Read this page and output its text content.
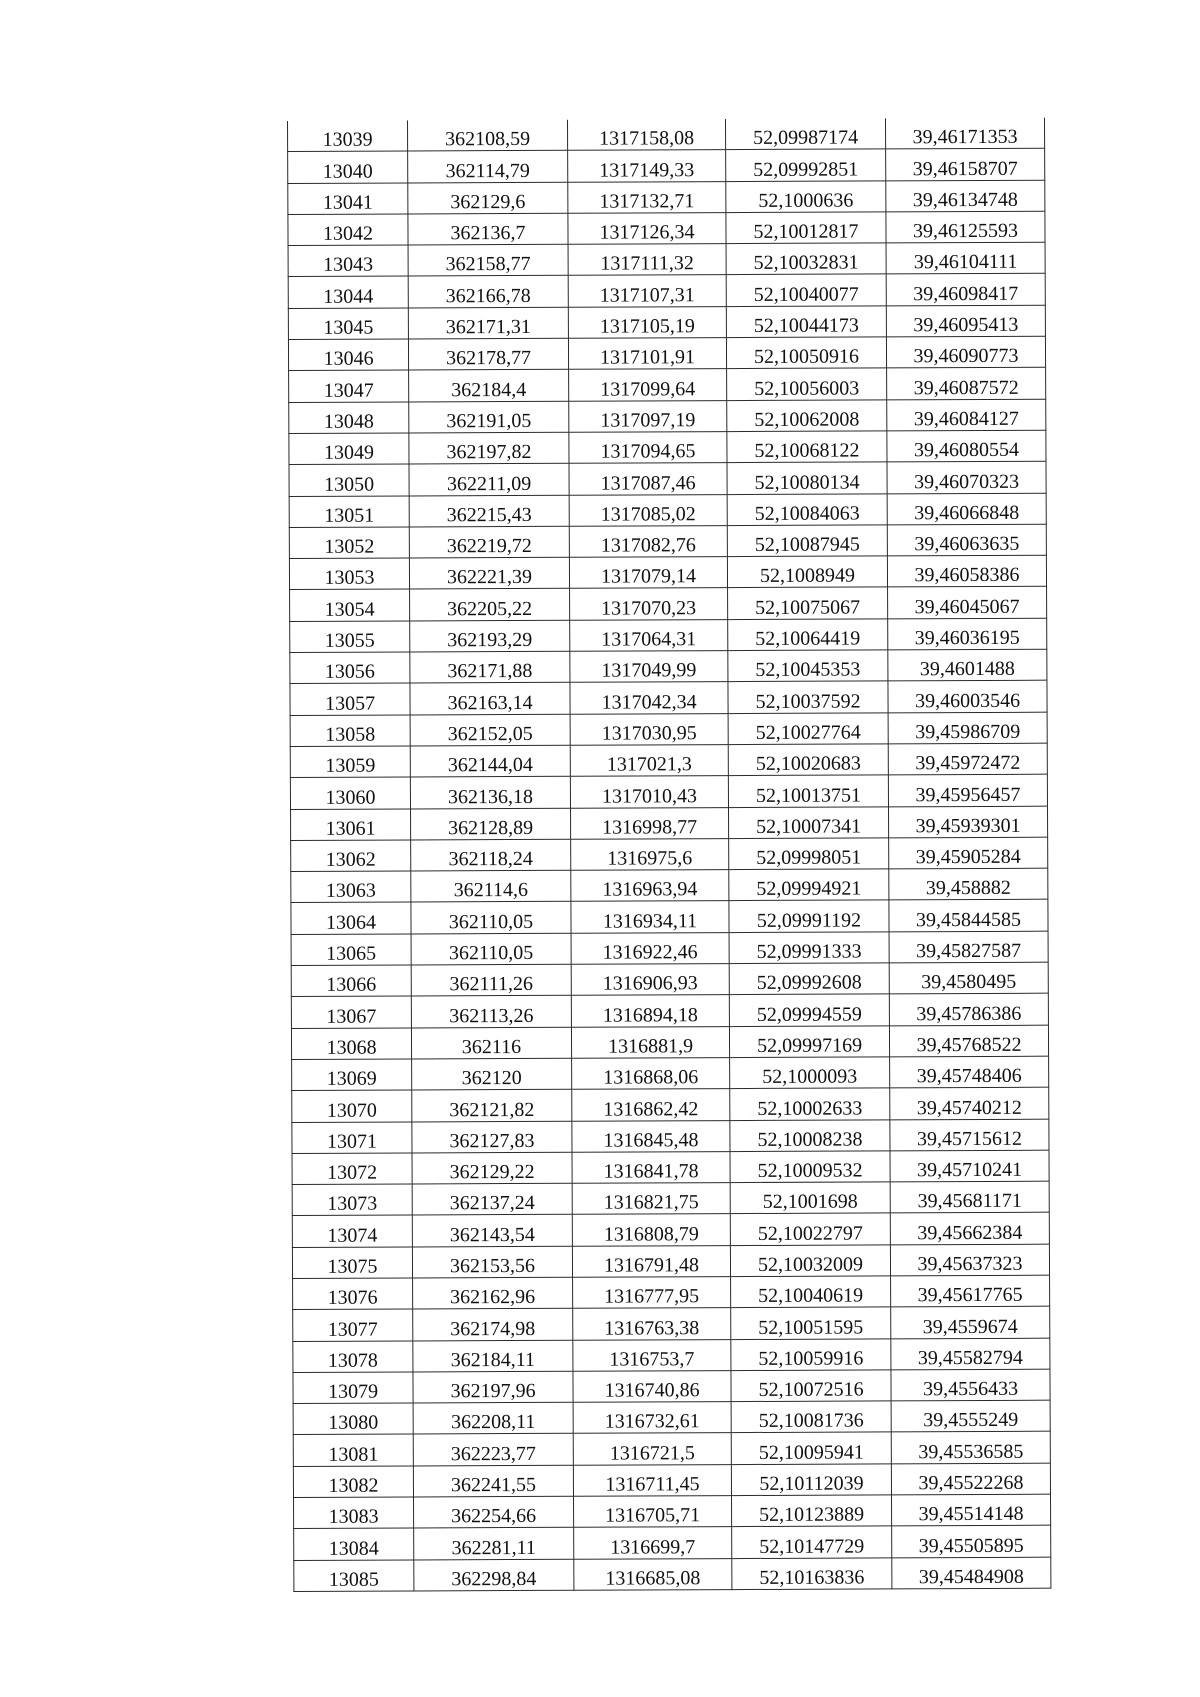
13039	362108,59	1317158,08	52,09987174	39,46171353
13040	362114,79	1317149,33	52,09992851	39,46158707
13041	362129,6	1317132,71	52,1000636	39,46134748
13042	362136,7	1317126,34	52,10012817	39,46125593
13043	362158,77	1317111,32	52,10032831	39,46104111
13044	362166,78	1317107,31	52,10040077	39,46098417
13045	362171,31	1317105,19	52,10044173	39,46095413
13046	362178,77	1317101,91	52,10050916	39,46090773
13047	362184,4	1317099,64	52,10056003	39,46087572
13048	362191,05	1317097,19	52,10062008	39,46084127
13049	362197,82	1317094,65	52,10068122	39,46080554
13050	362211,09	1317087,46	52,10080134	39,46070323
13051	362215,43	1317085,02	52,10084063	39,46066848
13052	362219,72	1317082,76	52,10087945	39,46063635
13053	362221,39	1317079,14	52,1008949	39,46058386
13054	362205,22	1317070,23	52,10075067	39,46045067
13055	362193,29	1317064,31	52,10064419	39,46036195
13056	362171,88	1317049,99	52,10045353	39,4601488
13057	362163,14	1317042,34	52,10037592	39,46003546
13058	362152,05	1317030,95	52,10027764	39,45986709
13059	362144,04	1317021,3	52,10020683	39,45972472
13060	362136,18	1317010,43	52,10013751	39,45956457
13061	362128,89	1316998,77	52,10007341	39,45939301
13062	362118,24	1316975,6	52,09998051	39,45905284
13063	362114,6	1316963,94	52,09994921	39,458882
13064	362110,05	1316934,11	52,09991192	39,45844585
13065	362110,05	1316922,46	52,09991333	39,45827587
13066	362111,26	1316906,93	52,09992608	39,4580495
13067	362113,26	1316894,18	52,09994559	39,45786386
13068	362116	1316881,9	52,09997169	39,45768522
13069	362120	1316868,06	52,1000093	39,45748406
13070	362121,82	1316862,42	52,10002633	39,45740212
13071	362127,83	1316845,48	52,10008238	39,45715612
13072	362129,22	1316841,78	52,10009532	39,45710241
13073	362137,24	1316821,75	52,1001698	39,45681171
13074	362143,54	1316808,79	52,10022797	39,45662384
13075	362153,56	1316791,48	52,10032009	39,45637323
13076	362162,96	1316777,95	52,10040619	39,45617765
13077	362174,98	1316763,38	52,10051595	39,4559674
13078	362184,11	1316753,7	52,10059916	39,45582794
13079	362197,96	1316740,86	52,10072516	39,4556433
13080	362208,11	1316732,61	52,10081736	39,4555249
13081	362223,77	1316721,5	52,10095941	39,45536585
13082	362241,55	1316711,45	52,10112039	39,45522268
13083	362254,66	1316705,71	52,10123889	39,45514148
13084	362281,11	1316699,7	52,10147729	39,45505895
13085	362298,84	1316685,08	52,10163836	39,45484908
